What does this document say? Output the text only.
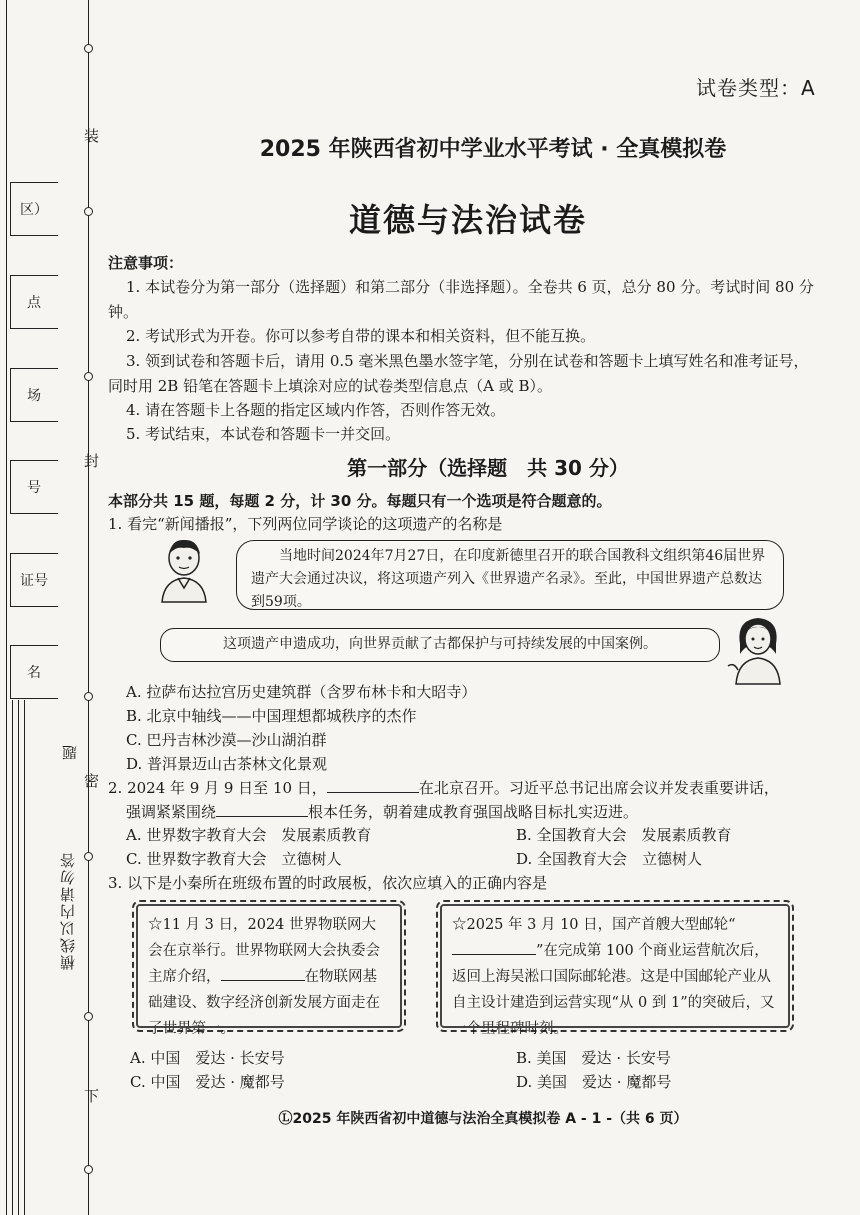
区）
点
场
号
证号
名
装
封
密
下
题
横线以内请勿答
试卷类型：A
2025 年陕西省初中学业水平考试 · 全真模拟卷
道德与法治试卷
注意事项：
1. 本试卷分为第一部分（选择题）和第二部分（非选择题）。全卷共 6 页，总分 80 分。考试时间 80 分钟。
2. 考试形式为开卷。你可以参考自带的课本和相关资料，但不能互换。
3. 领到试卷和答题卡后，请用 0.5 毫米黑色墨水签字笔，分别在试卷和答题卡上填写姓名和准考证号，同时用 2B 铅笔在答题卡上填涂对应的试卷类型信息点（A 或 B）。
4. 请在答题卡上各题的指定区域内作答，否则作答无效。
5. 考试结束，本试卷和答题卡一并交回。
第一部分（选择题　共 30 分）
本部分共 15 题，每题 2 分，计 30 分。每题只有一个选项是符合题意的。
1. 看完“新闻播报”，下列两位同学谈论的这项遗产的名称是
当地时间2024年7月27日，在印度新德里召开的联合国教科文组织第46届世界遗产大会通过决议，将这项遗产列入《世界遗产名录》。至此，中国世界遗产总数达到59项。
这项遗产申遗成功，向世界贡献了古都保护与可持续发展的中国案例。
A. 拉萨布达拉宫历史建筑群（含罗布林卡和大昭寺）
B. 北京中轴线——中国理想都城秩序的杰作
C. 巴丹吉林沙漠—沙山湖泊群
D. 普洱景迈山古茶林文化景观
2. 2024 年 9 月 9 日至 10 日，	在北京召开。习近平总书记出席会议并发表重要讲话，
强调紧紧围绕	根本任务，朝着建成教育强国战略目标扎实迈进。
A. 世界数字教育大会　发展素质教育	B. 全国教育大会　发展素质教育
C. 世界数字教育大会　立德树人	D. 全国教育大会　立德树人
3. 以下是小秦所在班级布置的时政展板，依次应填入的正确内容是
☆11 月 3 日，2024 世界物联网大会在京举行。世界物联网大会执委会主席介绍，	在物联网基础建设、数字经济创新发展方面走在了世界第一。
☆2025 年 3 月 10 日，国产首艘大型邮轮“”在完成第 100 个商业运营航次后，返回上海吴淞口国际邮轮港。这是中国邮轮产业从自主设计建造到运营实现“从 0 到 1”的突破后，又一个里程碑时刻。
A. 中国　爱达 · 长安号	B. 美国　爱达 · 长安号
C. 中国　爱达 · 魔都号	D. 美国　爱达 · 魔都号
Ⓛ2025 年陕西省初中道德与法治全真模拟卷 A - 1 -（共 6 页）
